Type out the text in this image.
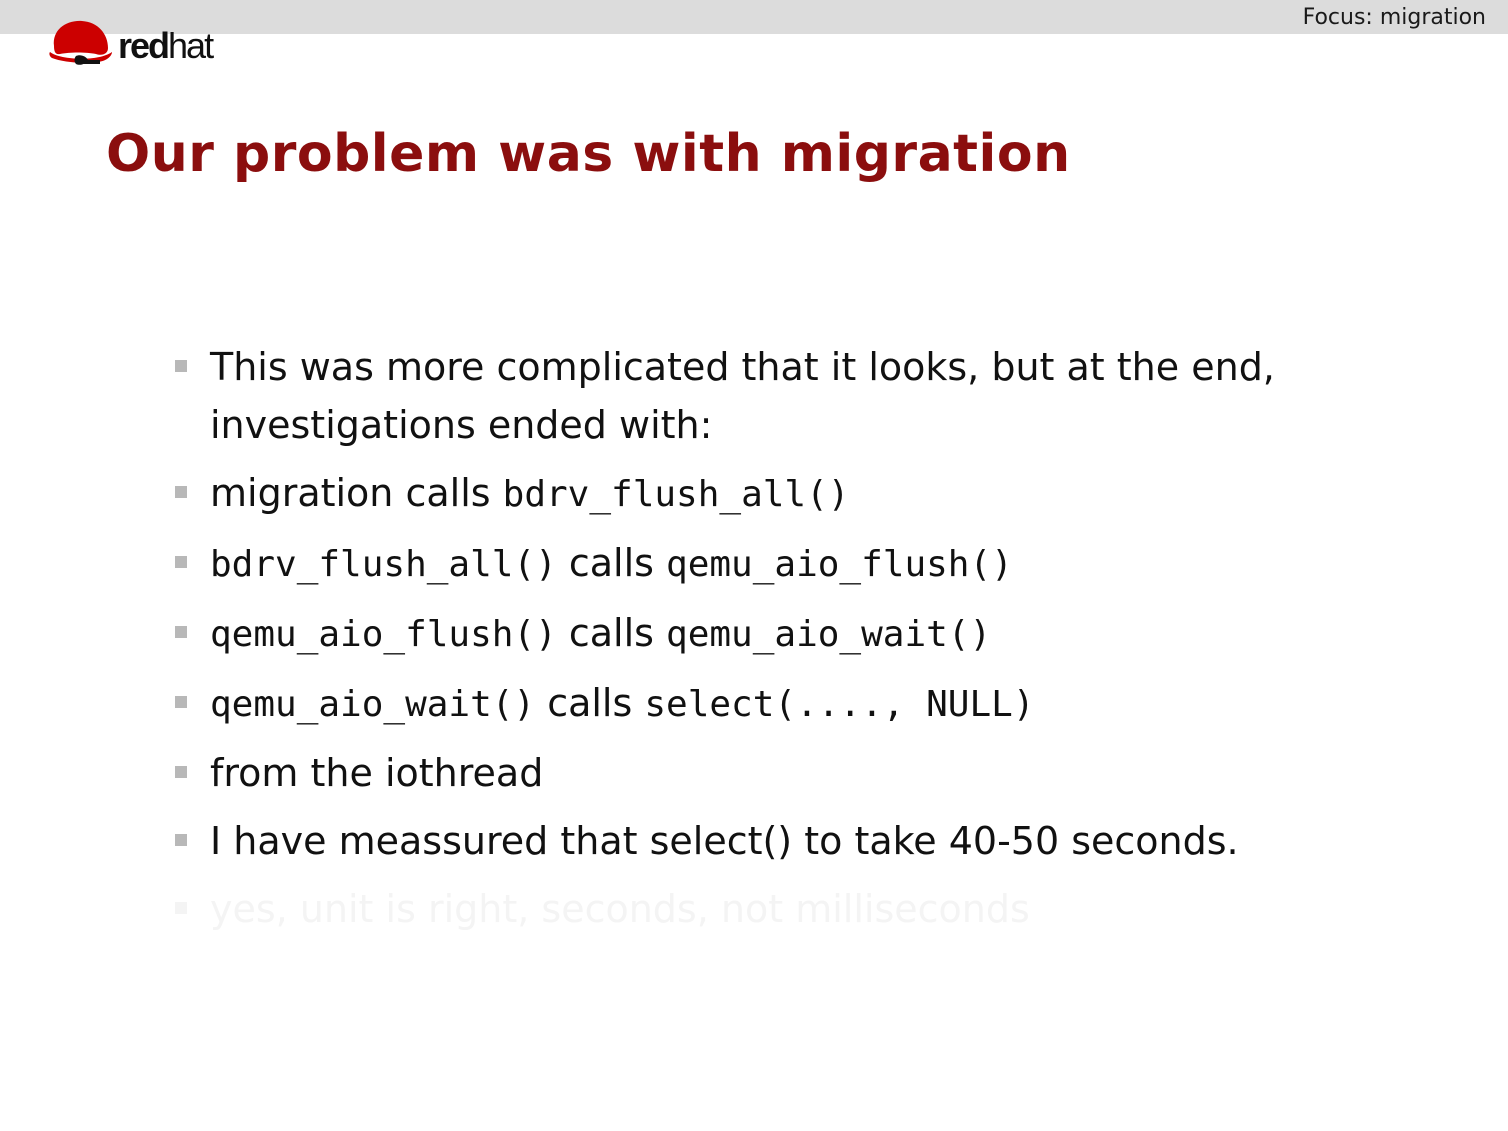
Focus: migration
redhat
Our problem was with migration
This was more complicated that it looks, but at the end, investigations ended with:
migration calls bdrv_flush_all()
bdrv_flush_all() calls qemu_aio_flush()
qemu_aio_flush() calls qemu_aio_wait()
qemu_aio_wait() calls select(...., NULL)
from the iothread
I have meassured that select() to take 40-50 seconds.
yes, unit is right, seconds, not milliseconds
